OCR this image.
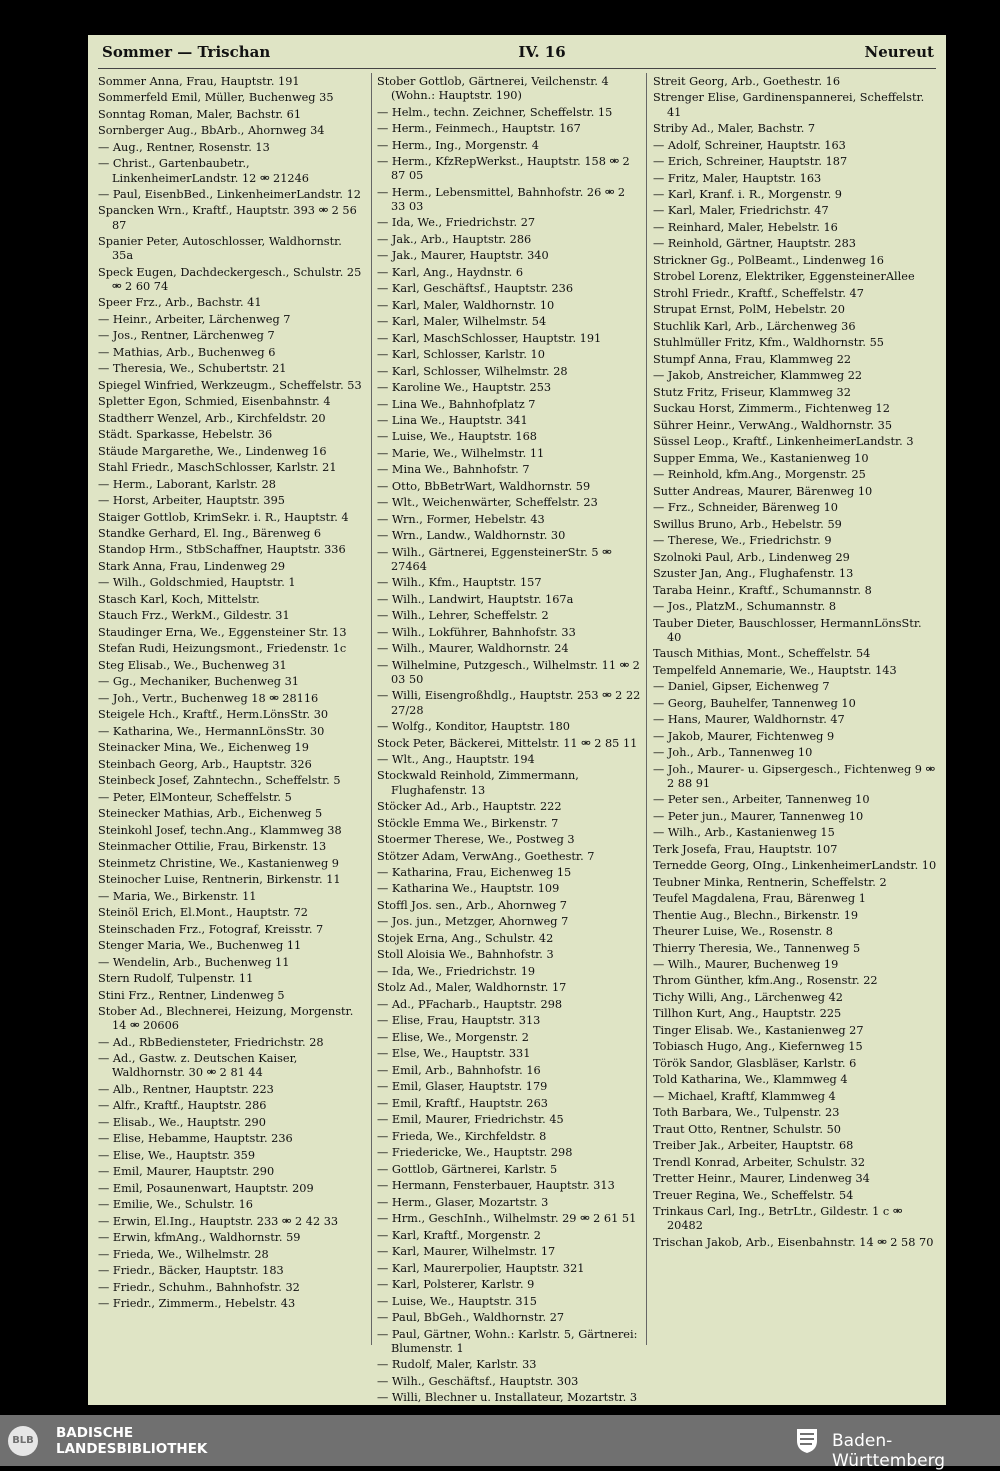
Sommer — Trischan	IV. 16	Neureut
Sommer Anna, Frau, Hauptstr. 191
Sommerfeld Emil, Müller, Buchenweg 35
Sonntag Roman, Maler, Bachstr. 61
Sornberger Aug., BbArb., Ahornweg 34
— Aug., Rentner, Rosenstr. 13
— Christ., Gartenbaubetr., LinkenheimerLandstr. 12 ⚮ 21246
— Paul, EisenbBed., LinkenheimerLandstr. 12
Spancken Wrn., Kraftf., Hauptstr. 393 ⚮ 2 56 87
Spanier Peter, Autoschlosser, Waldhornstr. 35a
Speck Eugen, Dachdeckergesch., Schulstr. 25 ⚮ 2 60 74
Speer Frz., Arb., Bachstr. 41
— Heinr., Arbeiter, Lärchenweg 7
— Jos., Rentner, Lärchenweg 7
— Mathias, Arb., Buchenweg 6
— Theresia, We., Schubertstr. 21
Spiegel Winfried, Werkzeugm., Scheffelstr. 53
Spletter Egon, Schmied, Eisenbahnstr. 4
Stadtherr Wenzel, Arb., Kirchfeldstr. 20
Städt. Sparkasse, Hebelstr. 36
Stäude Margarethe, We., Lindenweg 16
Stahl Friedr., MaschSchlosser, Karlstr. 21
— Herm., Laborant, Karlstr. 28
— Horst, Arbeiter, Hauptstr. 395
Staiger Gottlob, KrimSekr. i. R., Hauptstr. 4
Standke Gerhard, El. Ing., Bärenweg 6
Standop Hrm., StbSchaffner, Hauptstr. 336
Stark Anna, Frau, Lindenweg 29
— Wilh., Goldschmied, Hauptstr. 1
Stasch Karl, Koch, Mittelstr.
Stauch Frz., WerkM., Gildestr. 31
Staudinger Erna, We., Eggensteiner Str. 13
Stefan Rudi, Heizungsmont., Friedenstr. 1c
Steg Elisab., We., Buchenweg 31
— Gg., Mechaniker, Buchenweg 31
— Joh., Vertr., Buchenweg 18 ⚮ 28116
Steigele Hch., Kraftf., Herm.LönsStr. 30
— Katharina, We., HermannLönsStr. 30
Steinacker Mina, We., Eichenweg 19
Steinbach Georg, Arb., Hauptstr. 326
Steinbeck Josef, Zahntechn., Scheffelstr. 5
— Peter, ElMonteur, Scheffelstr. 5
Steinecker Mathias, Arb., Eichenweg 5
Steinkohl Josef, techn.Ang., Klammweg 38
Steinmacher Ottilie, Frau, Birkenstr. 13
Steinmetz Christine, We., Kastanienweg 9
Steinocher Luise, Rentnerin, Birkenstr. 11
— Maria, We., Birkenstr. 11
Steinöl Erich, El.Mont., Hauptstr. 72
Steinschaden Frz., Fotograf, Kreisstr. 7
Stenger Maria, We., Buchenweg 11
— Wendelin, Arb., Buchenweg 11
Stern Rudolf, Tulpenstr. 11
Stini Frz., Rentner, Lindenweg 5
Stober Ad., Blechnerei, Heizung, Morgenstr. 14 ⚮ 20606
— Ad., RbBediensteter, Friedrichstr. 28
— Ad., Gastw. z. Deutschen Kaiser, Waldhornstr. 30 ⚮ 2 81 44
— Alb., Rentner, Hauptstr. 223
— Alfr., Kraftf., Hauptstr. 286
— Elisab., We., Hauptstr. 290
— Elise, Hebamme, Hauptstr. 236
— Elise, We., Hauptstr. 359
— Emil, Maurer, Hauptstr. 290
— Emil, Posaunenwart, Hauptstr. 209
— Emilie, We., Schulstr. 16
— Erwin, El.Ing., Hauptstr. 233 ⚮ 2 42 33
— Erwin, kfmAng., Waldhornstr. 59
— Frieda, We., Wilhelmstr. 28
— Friedr., Bäcker, Hauptstr. 183
— Friedr., Schuhm., Bahnhofstr. 32
— Friedr., Zimmerm., Hebelstr. 43
Stober Gottlob, Gärtnerei, Veilchenstr. 4 (Wohn.: Hauptstr. 190)
— Helm., techn. Zeichner, Scheffelstr. 15
— Herm., Feinmech., Hauptstr. 167
— Herm., Ing., Morgenstr. 4
— Herm., KfzRepWerkst., Hauptstr. 158 ⚮ 2 87 05
— Herm., Lebensmittel, Bahnhofstr. 26 ⚮ 2 33 03
— Ida, We., Friedrichstr. 27
— Jak., Arb., Hauptstr. 286
— Jak., Maurer, Hauptstr. 340
— Karl, Ang., Haydnstr. 6
— Karl, Geschäftsf., Hauptstr. 236
— Karl, Maler, Waldhornstr. 10
— Karl, Maler, Wilhelmstr. 54
— Karl, MaschSchlosser, Hauptstr. 191
— Karl, Schlosser, Karlstr. 10
— Karl, Schlosser, Wilhelmstr. 28
— Karoline We., Hauptstr. 253
— Lina We., Bahnhofplatz 7
— Lina We., Hauptstr. 341
— Luise, We., Hauptstr. 168
— Marie, We., Wilhelmstr. 11
— Mina We., Bahnhofstr. 7
— Otto, BbBetrWart, Waldhornstr. 59
— Wlt., Weichenwärter, Scheffelstr. 23
— Wrn., Former, Hebelstr. 43
— Wrn., Landw., Waldhornstr. 30
— Wilh., Gärtnerei, EggensteinerStr. 5 ⚮ 27464
— Wilh., Kfm., Hauptstr. 157
— Wilh., Landwirt, Hauptstr. 167a
— Wilh., Lehrer, Scheffelstr. 2
— Wilh., Lokführer, Bahnhofstr. 33
— Wilh., Maurer, Waldhornstr. 24
— Wilhelmine, Putzgesch., Wilhelmstr. 11 ⚮ 2 03 50
— Willi, Eisengroßhdlg., Hauptstr. 253 ⚮ 2 22 27/28
— Wolfg., Konditor, Hauptstr. 180
Stock Peter, Bäckerei, Mittelstr. 11 ⚮ 2 85 11
— Wlt., Ang., Hauptstr. 194
Stockwald Reinhold, Zimmermann, Flughafenstr. 13
Stöcker Ad., Arb., Hauptstr. 222
Stöckle Emma We., Birkenstr. 7
Stoermer Therese, We., Postweg 3
Stötzer Adam, VerwAng., Goethestr. 7
— Katharina, Frau, Eichenweg 15
— Katharina We., Hauptstr. 109
Stoffl Jos. sen., Arb., Ahornweg 7
— Jos. jun., Metzger, Ahornweg 7
Stojek Erna, Ang., Schulstr. 42
Stoll Aloisia We., Bahnhofstr. 3
— Ida, We., Friedrichstr. 19
Stolz Ad., Maler, Waldhornstr. 17
— Ad., PFacharb., Hauptstr. 298
— Elise, Frau, Hauptstr. 313
— Elise, We., Morgenstr. 2
— Else, We., Hauptstr. 331
— Emil, Arb., Bahnhofstr. 16
— Emil, Glaser, Hauptstr. 179
— Emil, Kraftf., Hauptstr. 263
— Emil, Maurer, Friedrichstr. 45
— Frieda, We., Kirchfeldstr. 8
— Friedericke, We., Hauptstr. 298
— Gottlob, Gärtnerei, Karlstr. 5
— Hermann, Fensterbauer, Hauptstr. 313
— Herm., Glaser, Mozartstr. 3
— Hrm., GeschInh., Wilhelmstr. 29 ⚮ 2 61 51
— Karl, Kraftf., Morgenstr. 2
— Karl, Maurer, Wilhelmstr. 17
— Karl, Maurerpolier, Hauptstr. 321
— Karl, Polsterer, Karlstr. 9
— Luise, We., Hauptstr. 315
— Paul, BbGeh., Waldhornstr. 27
— Paul, Gärtner, Wohn.: Karlstr. 5, Gärtnerei: Blumenstr. 1
— Rudolf, Maler, Karlstr. 33
— Wilh., Geschäftsf., Hauptstr. 303
— Willi, Blechner u. Installateur, Mozartstr. 3
Streit Georg, Arb., Goethestr. 16
Strenger Elise, Gardinenspannerei, Scheffelstr. 41
Striby Ad., Maler, Bachstr. 7
— Adolf, Schreiner, Hauptstr. 163
— Erich, Schreiner, Hauptstr. 187
— Fritz, Maler, Hauptstr. 163
— Karl, Kranf. i. R., Morgenstr. 9
— Karl, Maler, Friedrichstr. 47
— Reinhard, Maler, Hebelstr. 16
— Reinhold, Gärtner, Hauptstr. 283
Strickner Gg., PolBeamt., Lindenweg 16
Strobel Lorenz, Elektriker, EggensteinerAllee
Strohl Friedr., Kraftf., Scheffelstr. 47
Strupat Ernst, PolM, Hebelstr. 20
Stuchlik Karl, Arb., Lärchenweg 36
Stuhlmüller Fritz, Kfm., Waldhornstr. 55
Stumpf Anna, Frau, Klammweg 22
— Jakob, Anstreicher, Klammweg 22
Stutz Fritz, Friseur, Klammweg 32
Suckau Horst, Zimmerm., Fichtenweg 12
Sührer Heinr., VerwAng., Waldhornstr. 35
Süssel Leop., Kraftf., LinkenheimerLandstr. 3
Supper Emma, We., Kastanienweg 10
— Reinhold, kfm.Ang., Morgenstr. 25
Sutter Andreas, Maurer, Bärenweg 10
— Frz., Schneider, Bärenweg 10
Swillus Bruno, Arb., Hebelstr. 59
— Therese, We., Friedrichstr. 9
Szolnoki Paul, Arb., Lindenweg 29
Szuster Jan, Ang., Flughafenstr. 13
Taraba Heinr., Kraftf., Schumannstr. 8
— Jos., PlatzM., Schumannstr. 8
Tauber Dieter, Bauschlosser, HermannLönsStr. 40
Tausch Mithias, Mont., Scheffelstr. 54
Tempelfeld Annemarie, We., Hauptstr. 143
— Daniel, Gipser, Eichenweg 7
— Georg, Bauhelfer, Tannenweg 10
— Hans, Maurer, Waldhornstr. 47
— Jakob, Maurer, Fichtenweg 9
— Joh., Arb., Tannenweg 10
— Joh., Maurer- u. Gipsergesch., Fichtenweg 9 ⚮ 2 88 91
— Peter sen., Arbeiter, Tannenweg 10
— Peter jun., Maurer, Tannenweg 10
— Wilh., Arb., Kastanienweg 15
Terk Josefa, Frau, Hauptstr. 107
Ternedde Georg, OIng., LinkenheimerLandstr. 10
Teubner Minka, Rentnerin, Scheffelstr. 2
Teufel Magdalena, Frau, Bärenweg 1
Thentie Aug., Blechn., Birkenstr. 19
Theurer Luise, We., Rosenstr. 8
Thierry Theresia, We., Tannenweg 5
— Wilh., Maurer, Buchenweg 19
Throm Günther, kfm.Ang., Rosenstr. 22
Tichy Willi, Ang., Lärchenweg 42
Tillhon Kurt, Ang., Hauptstr. 225
Tinger Elisab. We., Kastanienweg 27
Tobiasch Hugo, Ang., Kiefernweg 15
Török Sandor, Glasbläser, Karlstr. 6
Told Katharina, We., Klammweg 4
— Michael, Kraftf, Klammweg 4
Toth Barbara, We., Tulpenstr. 23
Traut Otto, Rentner, Schulstr. 50
Treiber Jak., Arbeiter, Hauptstr. 68
Trendl Konrad, Arbeiter, Schulstr. 32
Tretter Heinr., Maurer, Lindenweg 34
Treuer Regina, We., Scheffelstr. 54
Trinkaus Carl, Ing., BetrLtr., Gildestr. 1 c ⚮ 20482
Trischan Jakob, Arb., Eisenbahnstr. 14 ⚮ 2 58 70
BLB	BADISCHE
LANDESBIBLIOTHEK	Baden-Württemberg
